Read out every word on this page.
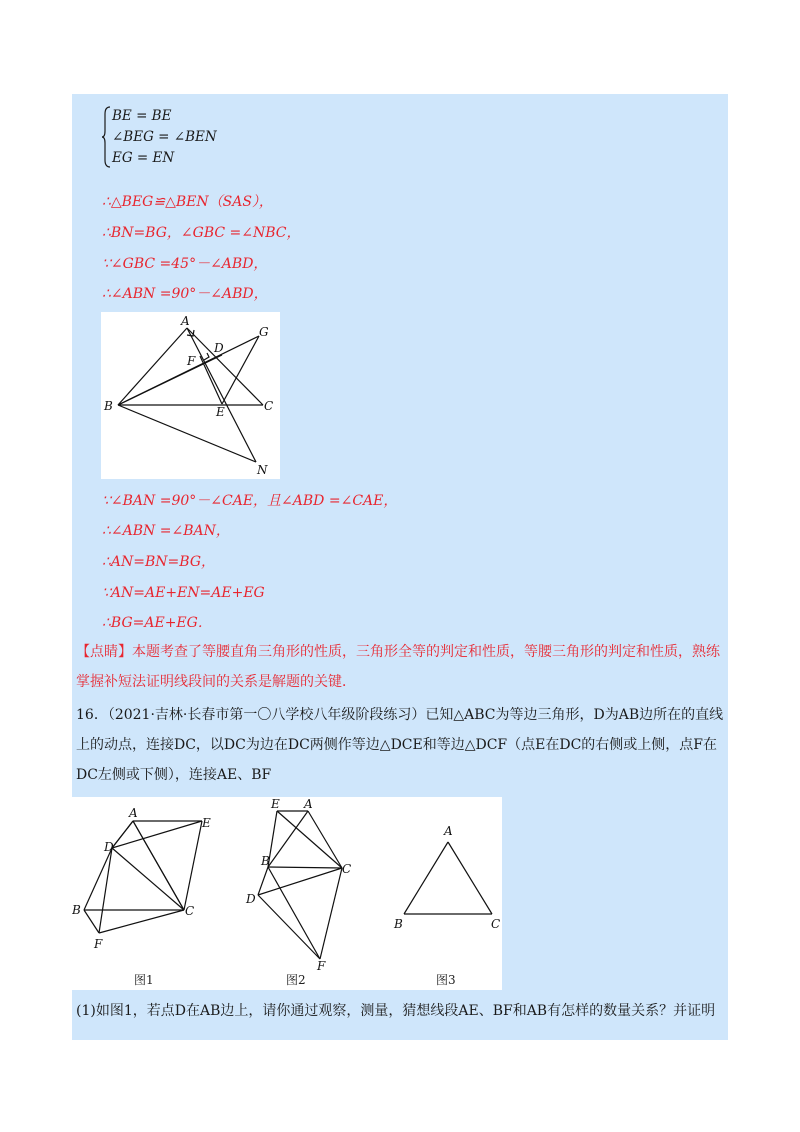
BE = BE
∠BEG = ∠BEN
EG = EN
∴△BEG≌△BEN（SAS），
∴BN=BG，∠GBC =∠NBC，
∵∠GBC =45°－∠ABD，
∴∠ABN =90°－∠ABD，
A
G
D
F
B	E	C
N
∵∠BAN =90°－∠CAE，且∠ABD =∠CAE，
∴∠ABN =∠BAN，
∴AN=BN=BG，
∵AN=AE+EN=AE+EG
∴BG=AE+EG．
【点睛】本题考查了等腰直角三角形的性质，三角形全等的判定和性质，等腰三角形的判定和性质，熟练掌握补短法证明线段间的关系是解题的关键．
16．（2021·吉林·长春市第一〇八学校八年级阶段练习）已知△ABC为等边三角形，D为AB边所在的直线上的动点，连接DC，以DC为边在DC两侧作等边△DCE和等边△DCF（点E在DC的右侧或上侧，点F在DC左侧或下侧），连接AE、BF
A
E
D
B	C
F
E A
B
C
D
F
A
B	C
图1	图2	图3
(1)如图1，若点D在AB边上，请你通过观察，测量，猜想线段AE、BF和AB有怎样的数量关系？并证明
